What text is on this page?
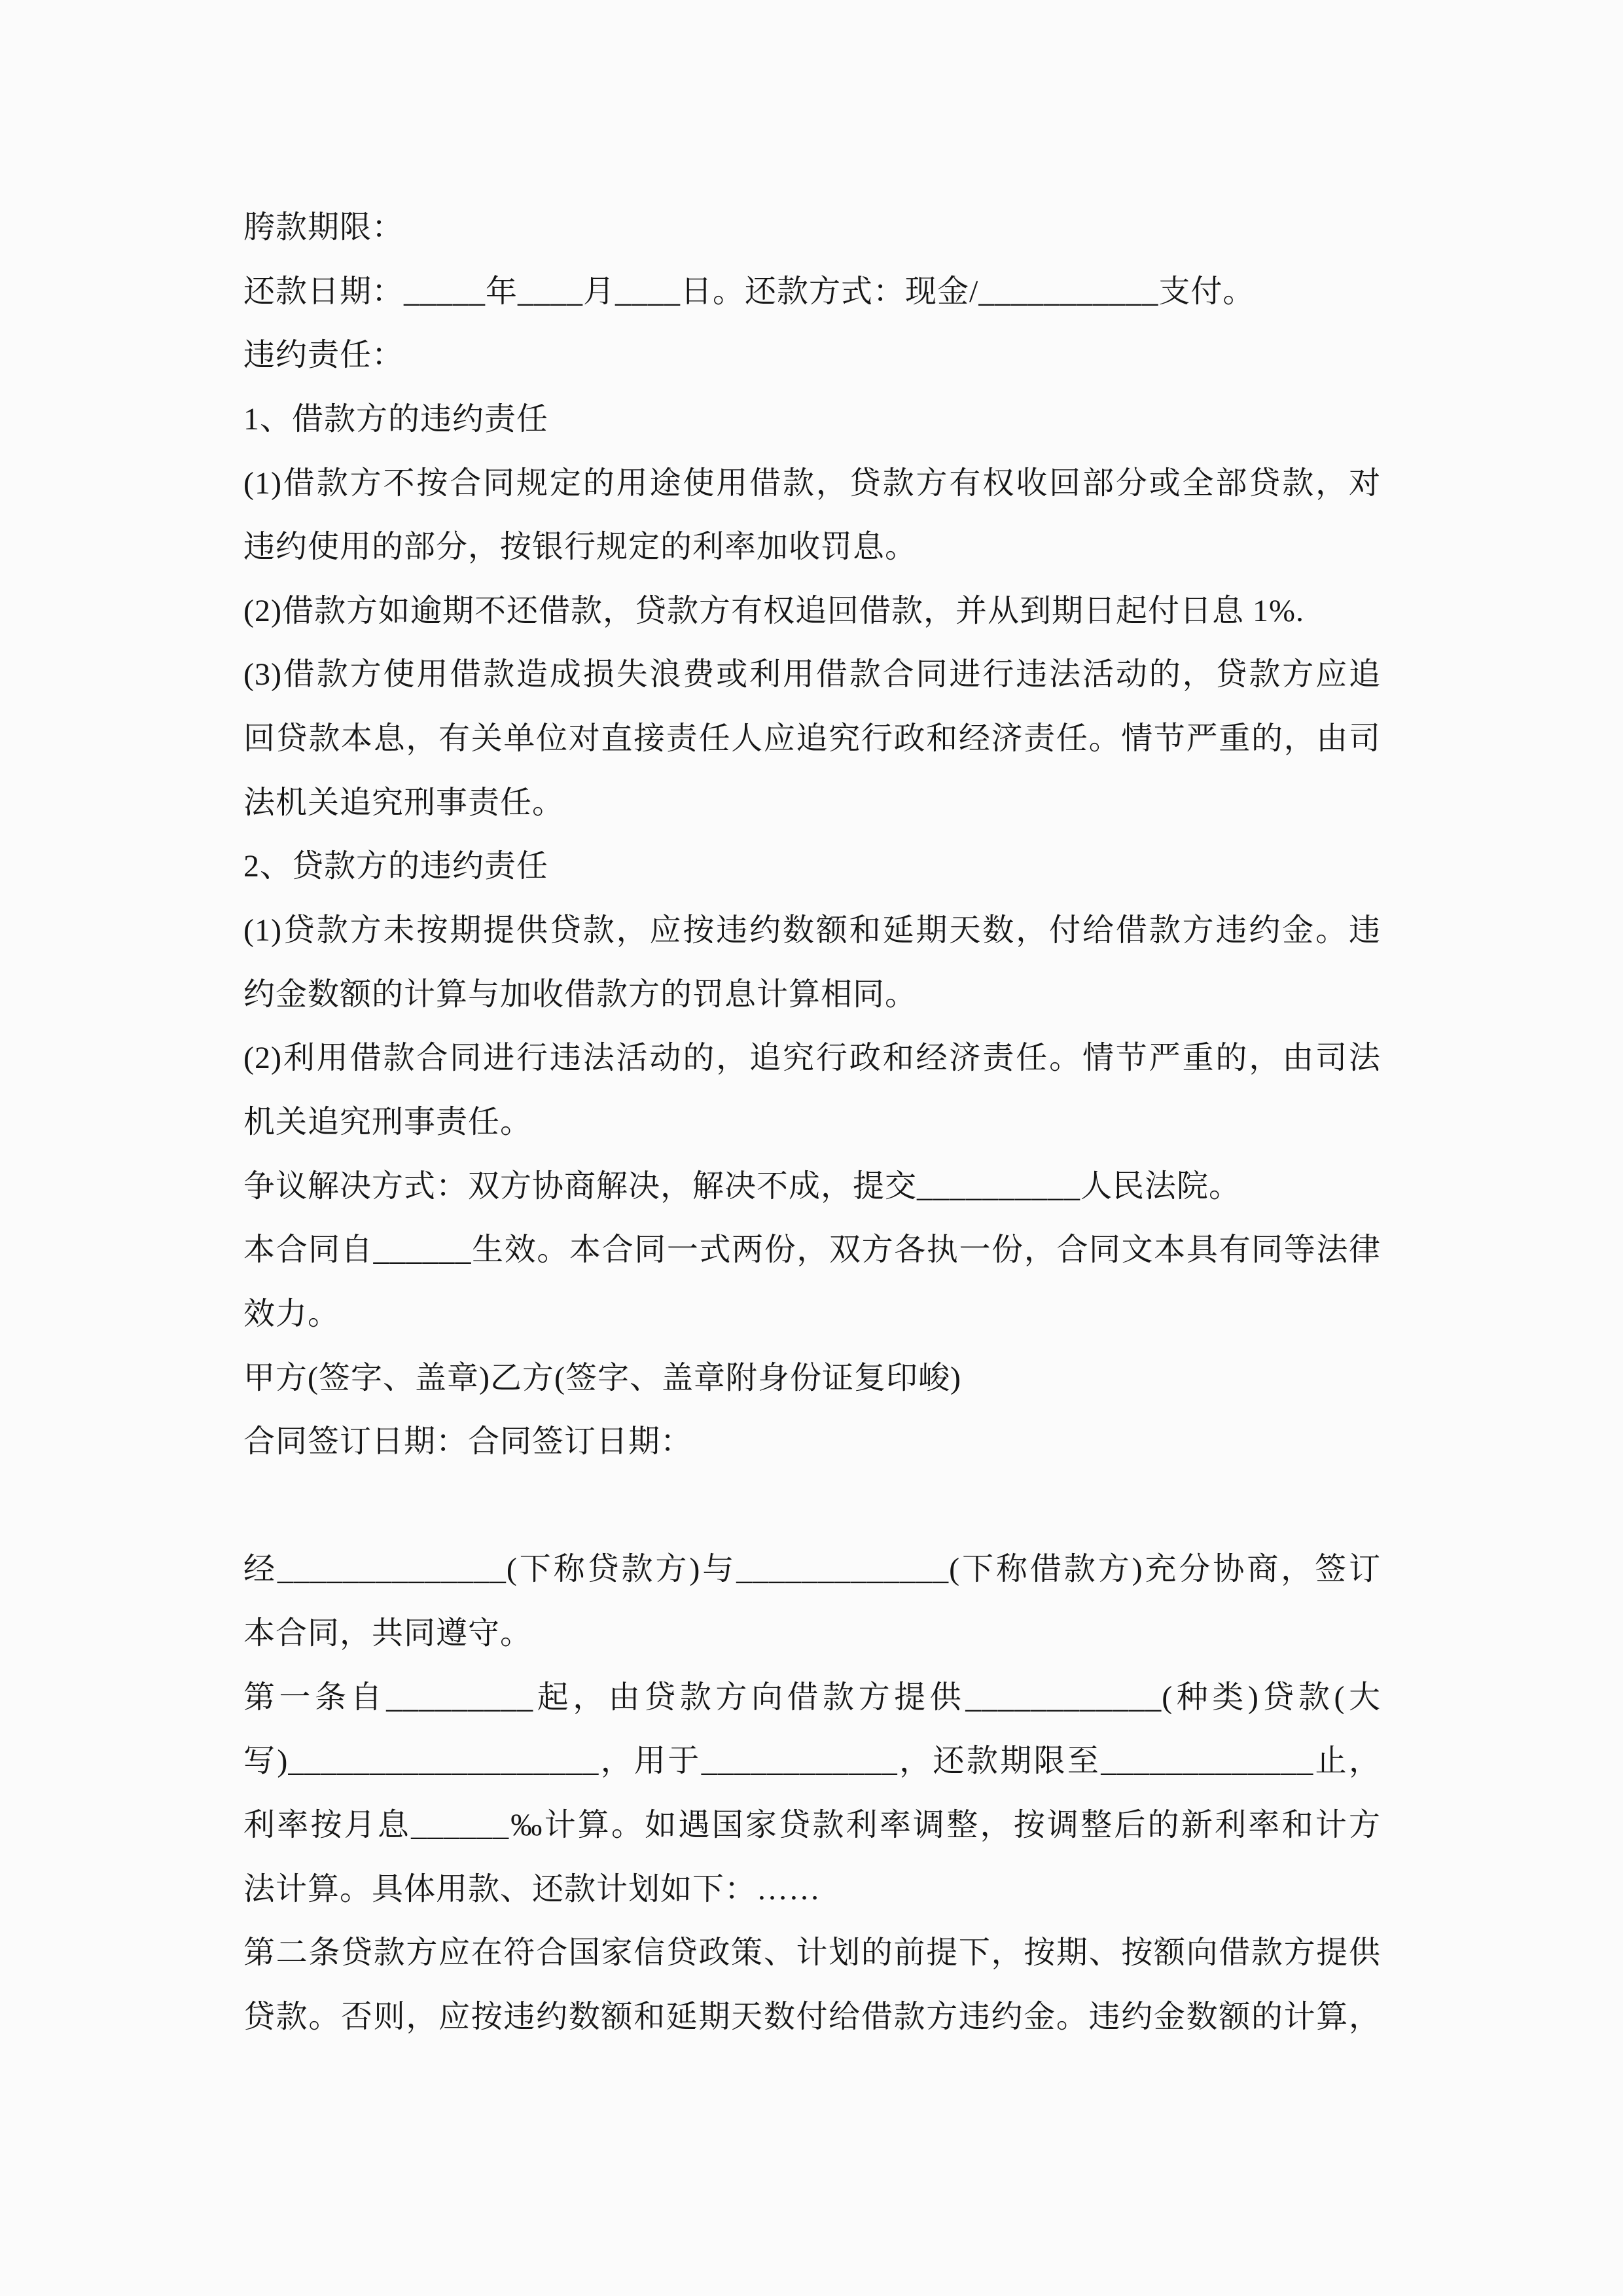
胯款期限：
还款日期：_____年____月____日。还款方式：现金/___________支付。
违约责任：
1、借款方的违约责任
(1)借款方不按合同规定的用途使用借款，贷款方有权收回部分或全部贷款，对
违约使用的部分，按银行规定的利率加收罚息。
(2)借款方如逾期不还借款，贷款方有权追回借款，并从到期日起付日息 1%.
(3)借款方使用借款造成损失浪费或利用借款合同进行违法活动的，贷款方应追
回贷款本息，有关单位对直接责任人应追究行政和经济责任。情节严重的，由司
法机关追究刑事责任。
2、贷款方的违约责任
(1)贷款方未按期提供贷款，应按违约数额和延期天数，付给借款方违约金。违
约金数额的计算与加收借款方的罚息计算相同。
(2)利用借款合同进行违法活动的，追究行政和经济责任。情节严重的，由司法
机关追究刑事责任。
争议解决方式：双方协商解决，解决不成，提交__________人民法院。
本合同自______生效。本合同一式两份，双方各执一份，合同文本具有同等法律
效力。
甲方(签字、盖章)乙方(签字、盖章附身份证复印峻)
合同签订日期：合同签订日期：
经______________(下称贷款方)与_____________(下称借款方)充分协商，签订
本合同，共同遵守。
第一条自_________起，由贷款方向借款方提供____________(种类)贷款(大
写)___________________，用于____________，还款期限至_____________止，
利率按月息______‰计算。如遇国家贷款利率调整，按调整后的新利率和计方
法计算。具体用款、还款计划如下：……
第二条贷款方应在符合国家信贷政策、计划的前提下，按期、按额向借款方提供
贷款。否则，应按违约数额和延期天数付给借款方违约金。违约金数额的计算，
